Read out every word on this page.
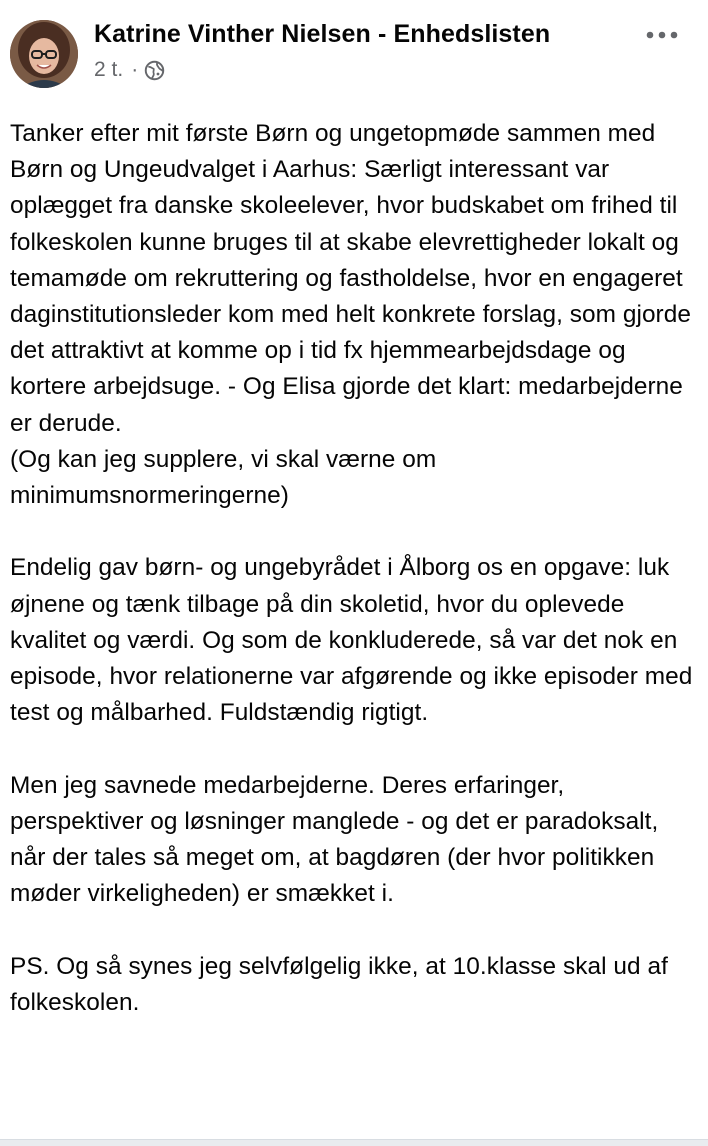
Katrine Vinther Nielsen - Enhedslisten
2 t. ·

Tanker efter mit første Børn og ungetopmøde sammen med Børn og Ungeudvalget i Aarhus: Særligt interessant var oplægget fra danske skoleelever, hvor budskabet om frihed til folkeskolen kunne bruges til at skabe elevrettigheder lokalt og temamøde om rekruttering og fastholdelse, hvor en engageret daginstitutionsleder kom med helt konkrete forslag, som gjorde det attraktivt at komme op i tid fx hjemmearbejdsdage og kortere arbejdsuge. - Og Elisa gjorde det klart: medarbejderne er derude.
(Og kan jeg supplere, vi skal værne om minimumsnormeringerne)

Endelig gav børn- og ungebyrådet i Ålborg os en opgave: luk øjnene og tænk tilbage på din skoletid, hvor du oplevede kvalitet og værdi. Og som de konkluderede, så var det nok en episode, hvor relationerne var afgørende og ikke episoder med test og målbarhed. Fuldstændig rigtigt.

Men jeg savnede medarbejderne. Deres erfaringer, perspektiver og løsninger manglede - og det er paradoksalt, når der tales så meget om, at bagdøren (der hvor politikken møder virkeligheden) er smækket i.

PS. Og så synes jeg selvfølgelig ikke, at 10.klasse skal ud af folkeskolen.
